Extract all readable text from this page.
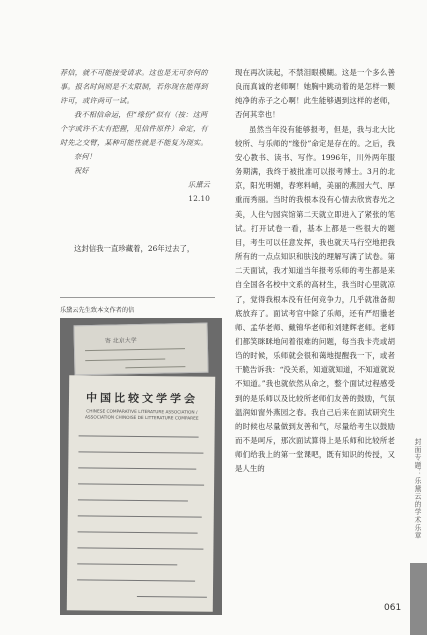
荐信，就不可能接受请求。这也是无可奈何的事。报名时间则是不太限制，若你现在能得到许可，或许尚可一试。

我不相信命运，但“缘份”似有（按：这两个字或许不太有把握，见信件原件）命定，有时先之交臂，某种可能性就是不能复为现实。

奈何！

祝好

乐黛云

12.10

这封信我一直珍藏着，26年过去了，
乐黛云先生致本文作者的信
寄 北京大学
中国比较文学学会
CHINESE COMPARATIVE LITERATURE ASSOCIATION / ASSOCIATION CHINOISE DE LITTERATURE COMPAREE

现在再次读起，不禁泪眼模糊。这是一个多么善良而真诚的老师啊！她胸中跳动着的是怎样一颗纯净的赤子之心啊！此生能够遇到这样的老师，否何其幸也！

虽然当年没有能够报考，但是，我与北大比较所、与乐师的“缘份”命定是存在的。之后，我安心教书、读书、写作。1996年，川外两年服务期满，我终于被批准可以报考博士。3月的北京，阳光明媚，春寒料峭，美丽的燕园大气、厚重而秀丽。当时的我根本没有心情去欣赏春光之美，人住勺园宾馆第二天就立即进入了紧张的笔试。打开试卷一看，基本上都是一些很大的题目，考生可以任意发挥，我也就天马行空地把我所有的一点点知识和肤浅的理解写满了试卷。第二天面试，我才知道当年报考乐师的考生都是来自全国各名校中文系的高材生，我当时心里就凉了，觉得我根本没有任何竞争力，几乎就准备彻底放弃了。面试考官中除了乐师，还有严绍璗老师、孟华老师、戴锦华老师和刘建辉老师。老师们都笑眯眯地问着很难的问题，每当我卡壳或胡诌的时候，乐师就会很和蔼地提醒我一下，或者干脆告诉我：“没关系，知道就知道，不知道就说不知道。”我也就依然从命之，整个面试过程感受到的是乐师以及比较所老师们友善的鼓励，气氛温润如窗外燕园之春。我自己后来在面试研究生的时候也尽量做到友善和气，尽量给考生以鼓励而不是呵斥，那次面试算得上是乐师和比较所老师们给我上的第一堂课吧，既有知识的传授，又是人生的	封面专题：乐黛云的学术乐章
061
